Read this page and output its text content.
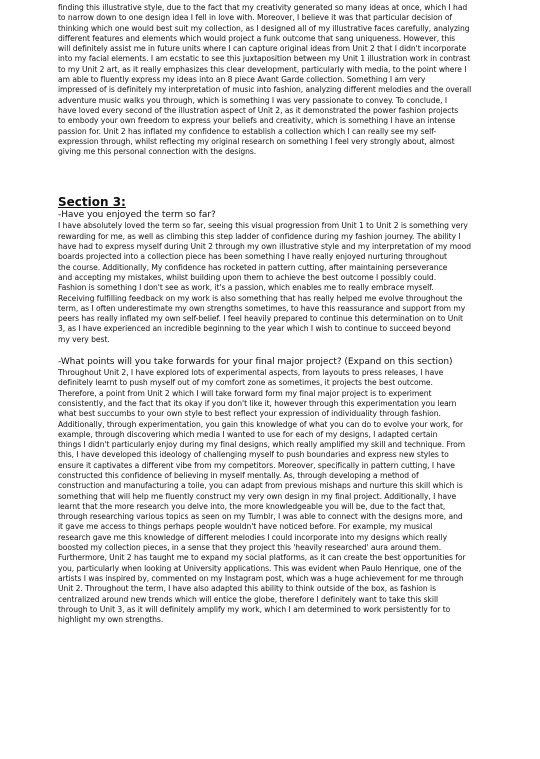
finding this illustrative style, due to the fact that my creativity generated so many ideas at once, which I had
to narrow down to one design idea I fell in love with. Moreover, I believe it was that particular decision of
thinking which one would best suit my collection, as I designed all of my illustrative faces carefully, analyzing
different features and elements which would project a funk outcome that sang uniqueness. However, this
will definitely assist me in future units where I can capture original ideas from Unit 2 that I didn't incorporate
into my facial elements. I am ecstatic to see this juxtaposition between my Unit 1 illustration work in contrast
to my Unit 2 art, as it really emphasizes this clear development, particularly with media, to the point where I
am able to fluently express my ideas into an 8 piece Avant Garde collection. Something I am very
impressed of is definitely my interpretation of music into fashion, analyzing different melodies and the overall
adventure music walks you through, which is something I was very passionate to convey. To conclude, I
have loved every second of the illustration aspect of Unit 2, as it demonstrated the power fashion projects
to embody your own freedom to express your beliefs and creativity, which is something I have an intense
passion for. Unit 2 has inflated my confidence to establish a collection which I can really see my self-
expression through, whilst reflecting my original research on something I feel very strongly about, almost
giving me this personal connection with the designs.

Section 3:

-Have you enjoyed the term so far?

I have absolutely loved the term so far, seeing this visual progression from Unit 1 to Unit 2 is something very
rewarding for me, as well as climbing this step ladder of confidence during my fashion journey. The ability I
have had to express myself during Unit 2 through my own illustrative style and my interpretation of my mood
boards projected into a collection piece has been something I have really enjoyed nurturing throughout
the course. Additionally, My confidence has rocketed in pattern cutting, after maintaining perseverance
and accepting my mistakes, whilst building upon them to achieve the best outcome I possibly could.
Fashion is something I don't see as work, it's a passion, which enables me to really embrace myself.
Receiving fulfilling feedback on my work is also something that has really helped me evolve throughout the
term, as I often underestimate my own strengths sometimes, to have this reassurance and support from my
peers has really inflated my own self-belief. I feel heavily prepared to continue this determination on to Unit
3, as I have experienced an incredible beginning to the year which I wish to continue to succeed beyond
my very best.

-What points will you take forwards for your final major project? (Expand on this section)

Throughout Unit 2, I have explored lots of experimental aspects, from layouts to press releases, I have
definitely learnt to push myself out of my comfort zone as sometimes, it projects the best outcome.
Therefore, a point from Unit 2 which I will take forward form my final major project is to experiment
consistently, and the fact that its okay if you don't like it, however through this experimentation you learn
what best succumbs to your own style to best reflect your expression of individuality through fashion.
Additionally, through experimentation, you gain this knowledge of what you can do to evolve your work, for
example, through discovering which media I wanted to use for each of my designs, I adapted certain
things I didn't particularly enjoy during my final designs, which really amplified my skill and technique. From
this, I have developed this ideology of challenging myself to push boundaries and express new styles to
ensure it captivates a different vibe from my competitors. Moreover, specifically in pattern cutting, I have
constructed this confidence of believing in myself mentally. As, through developing a method of
construction and manufacturing a toile, you can adapt from previous mishaps and nurture this skill which is
something that will help me fluently construct my very own design in my final project. Additionally, I have
learnt that the more research you delve into, the more knowledgeable you will be, due to the fact that,
through researching various topics as seen on my Tumblr, I was able to connect with the designs more, and
it gave me access to things perhaps people wouldn't have noticed before. For example, my musical
research gave me this knowledge of different melodies I could incorporate into my designs which really
boosted my collection pieces, in a sense that they project this 'heavily researched' aura around them.
Furthermore, Unit 2 has taught me to expand my social platforms, as it can create the best opportunities for
you, particularly when looking at University applications. This was evident when Paulo Henrique, one of the
artists I was inspired by, commented on my Instagram post, which was a huge achievement for me through
Unit 2. Throughout the term, I have also adapted this ability to think outside of the box, as fashion is
centralized around new trends which will entice the globe, therefore I definitely want to take this skill
through to Unit 3, as it will definitely amplify my work, which I am determined to work persistently for to
highlight my own strengths.
